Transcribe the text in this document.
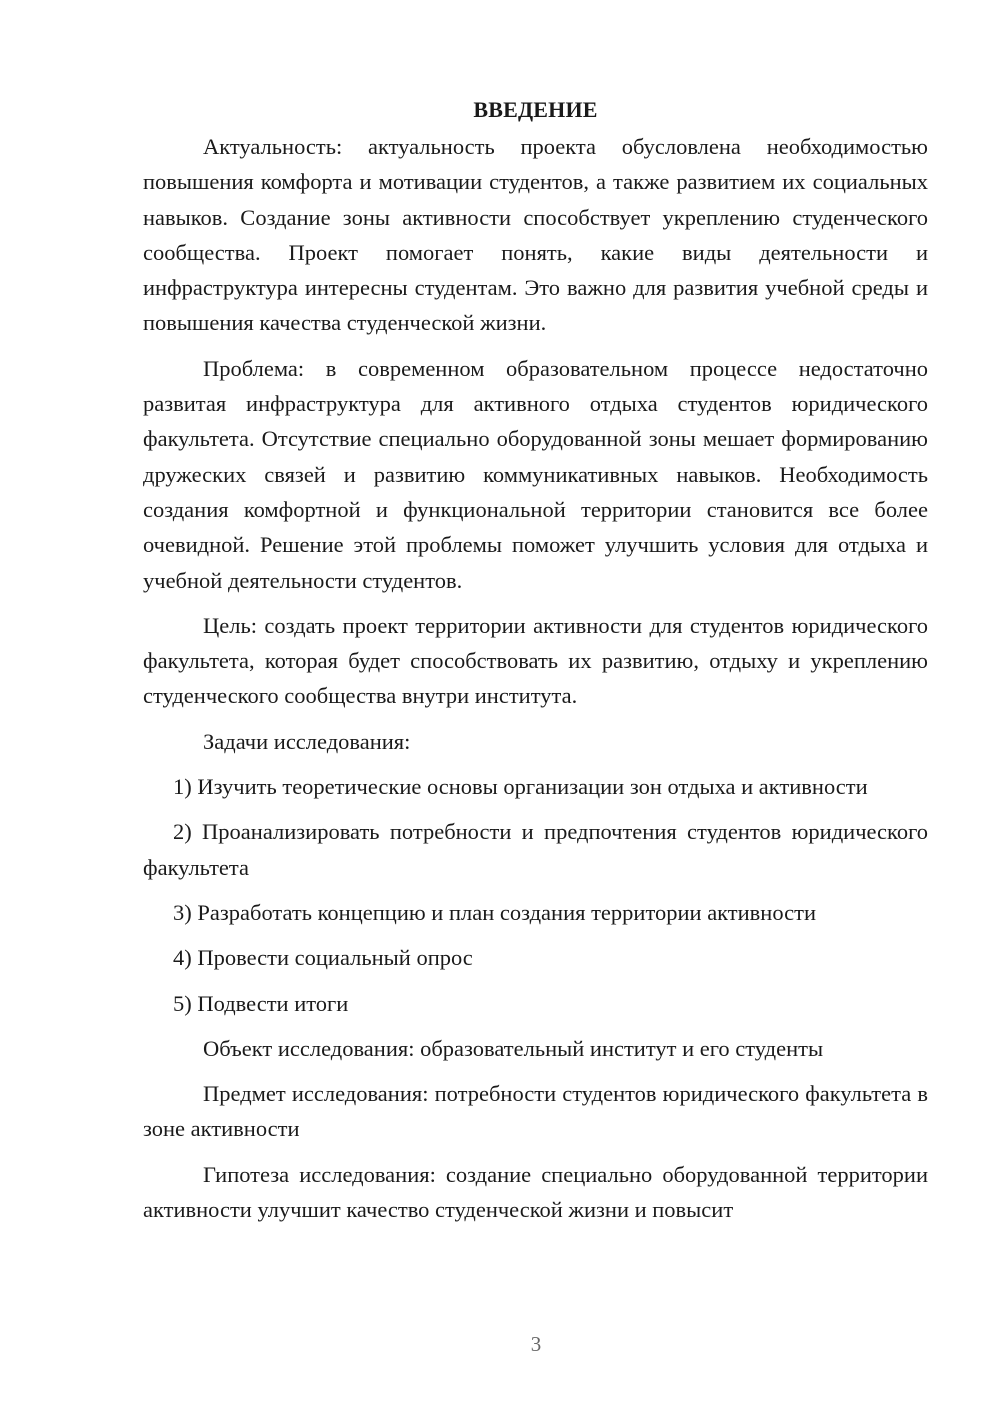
ВВЕДЕНИЕ

Актуальность: актуальность проекта обусловлена необходимостью повышения комфорта и мотивации студентов, а также развитием их социальных навыков. Создание зоны активности способствует укреплению студенческого сообщества. Проект помогает понять, какие виды деятельности и инфраструктура интересны студентам. Это важно для развития учебной среды и повышения качества студенческой жизни.

Проблема: в современном образовательном процессе недостаточно развитая инфраструктура для активного отдыха студентов юридического факультета. Отсутствие специально оборудованной зоны мешает формированию дружеских связей и развитию коммуникативных навыков. Необходимость создания комфортной и функциональной территории становится все более очевидной. Решение этой проблемы поможет улучшить условия для отдыха и учебной деятельности студентов.

Цель: создать проект территории активности для студентов юридического факультета, которая будет способствовать их развитию, отдыху и укреплению студенческого сообщества внутри института.

Задачи исследования:

1) Изучить теоретические основы организации зон отдыха и активности

2) Проанализировать потребности и предпочтения студентов юридического факультета

3) Разработать концепцию и план создания территории активности

4) Провести социальный опрос

5) Подвести итоги

Объект исследования: образовательный институт и его студенты

Предмет исследования: потребности студентов юридического факультета в зоне активности

Гипотеза исследования: создание специально оборудованной территории активности улучшит качество студенческой жизни и повысит

3
